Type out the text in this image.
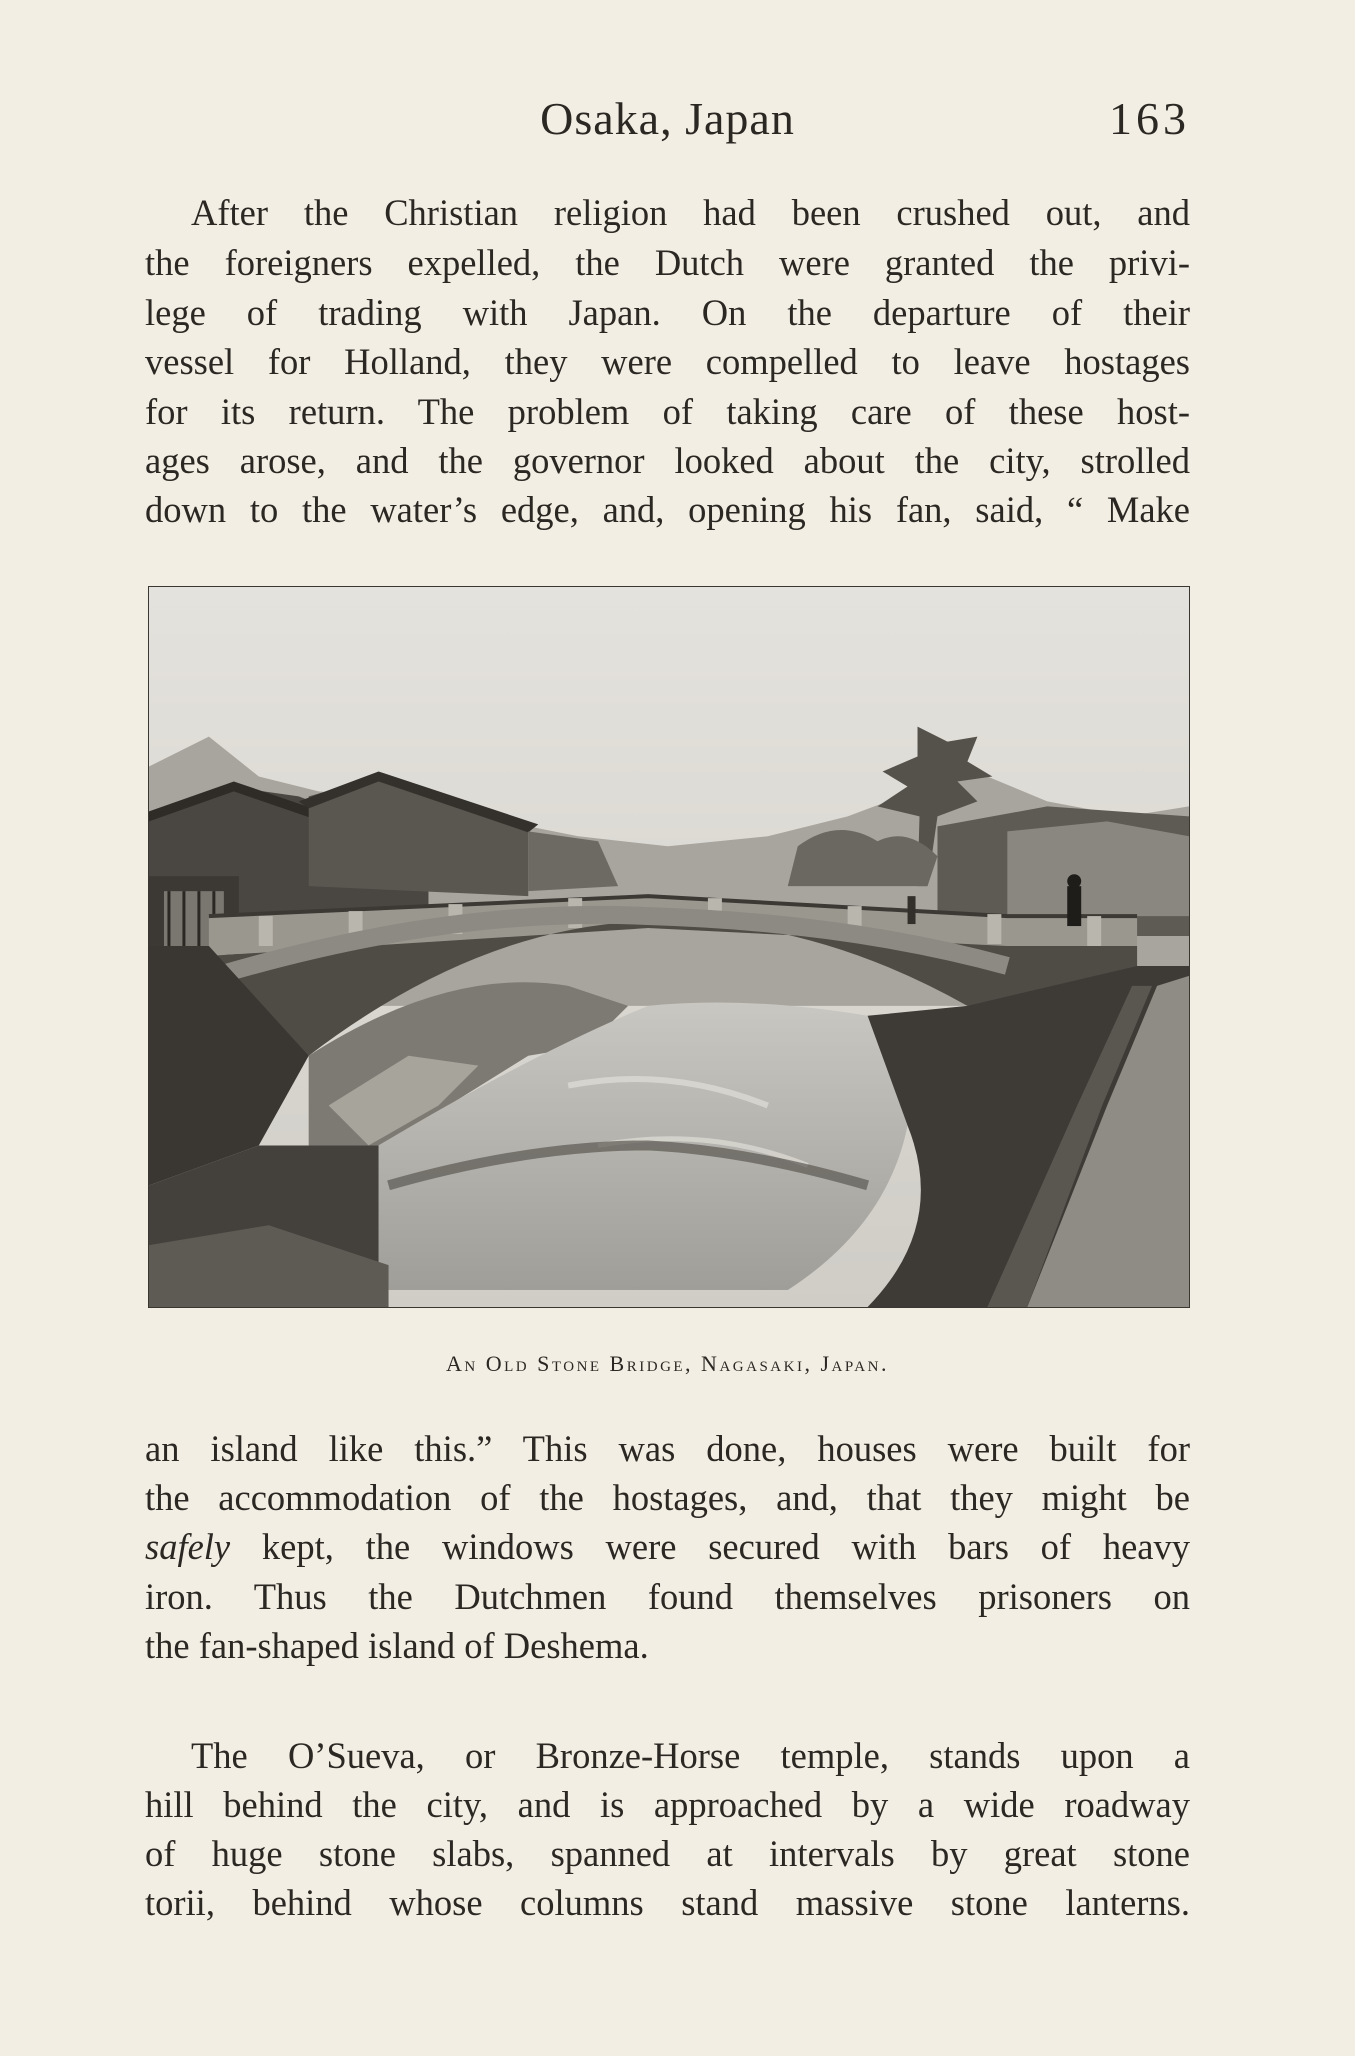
Osaka, Japan	163

After the Christian religion had been crushed out, and

the foreigners expelled, the Dutch were granted the privi-

lege of trading with Japan. On the departure of their

vessel for Holland, they were compelled to leave hostages

for its return. The problem of taking care of these host-

ages arose, and the governor looked about the city, strolled

down to the water’s edge, and, opening his fan, said, “ Make

An Old Stone Bridge, Nagasaki, Japan.

an island like this.” This was done, houses were built for

the accommodation of the hostages, and, that they might be

safely kept, the windows were secured with bars of heavy

iron. Thus the Dutchmen found themselves prisoners on

the fan-shaped island of Deshema.

The O’Sueva, or Bronze-Horse temple, stands upon a

hill behind the city, and is approached by a wide roadway

of huge stone slabs, spanned at intervals by great stone

torii, behind whose columns stand massive stone lanterns.
